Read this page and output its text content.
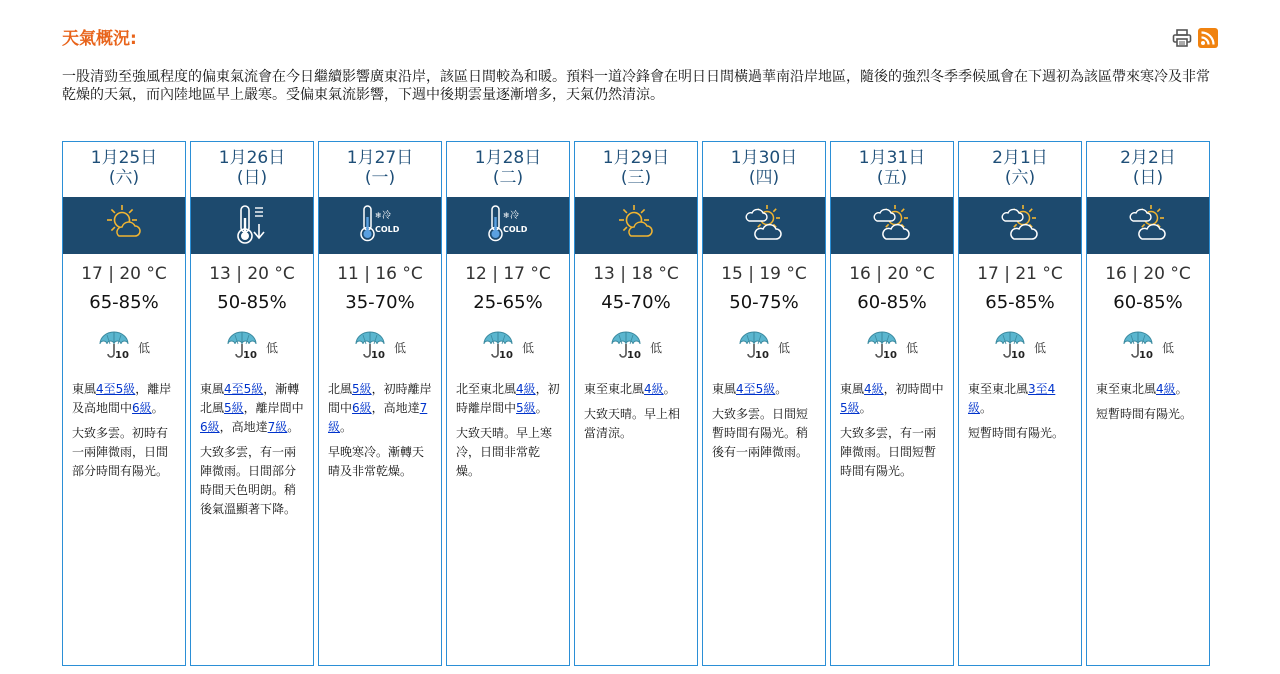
天氣概況:
一股清勁至強風程度的偏東氣流會在今日繼續影響廣東沿岸，該區日間較為和暖。預料一道冷鋒會在明日日間橫過華南沿岸地區，隨後的強烈冬季季候風會在下週初為該區帶來寒冷及非常乾燥的天氣，而內陸地區早上嚴寒。受偏東氣流影響，下週中後期雲量逐漸增多，天氣仍然清涼。
1月25日
(六)
17 | 20 °C
65-85%
10
低

東風4至5級，離岸及高地間中6級。

大致多雲。初時有一兩陣微雨，日間部分時間有陽光。

1月26日
(日)
13 | 20 °C
50-85%
10
低

東風4至5級，漸轉北風5級，離岸間中6級，高地達7級。

大致多雲，有一兩陣微雨。日間部分時間天色明朗。稍後氣溫顯著下降。

1月27日
(一)
❄ 冷
COLD
11 | 16 °C
35-70%
10
低

北風5級，初時離岸間中6級，高地達7級。

早晚寒冷。漸轉天晴及非常乾燥。

1月28日
(二)
❄ 冷
COLD
12 | 17 °C
25-65%
10
低

北至東北風4級，初時離岸間中5級。

大致天晴。早上寒冷，日間非常乾燥。

1月29日
(三)
13 | 18 °C
45-70%
10
低

東至東北風4級。

大致天晴。早上相當清涼。

1月30日
(四)
15 | 19 °C
50-75%
10
低

東風4至5級。

大致多雲。日間短暫時間有陽光。稍後有一兩陣微雨。

1月31日
(五)
16 | 20 °C
60-85%
10
低

東風4級，初時間中5級。

大致多雲，有一兩陣微雨。日間短暫時間有陽光。

2月1日
(六)
17 | 21 °C
65-85%
10
低

東至東北風3至4級。

短暫時間有陽光。

2月2日
(日)
16 | 20 °C
60-85%
10
低

東至東北風4級。

短暫時間有陽光。
